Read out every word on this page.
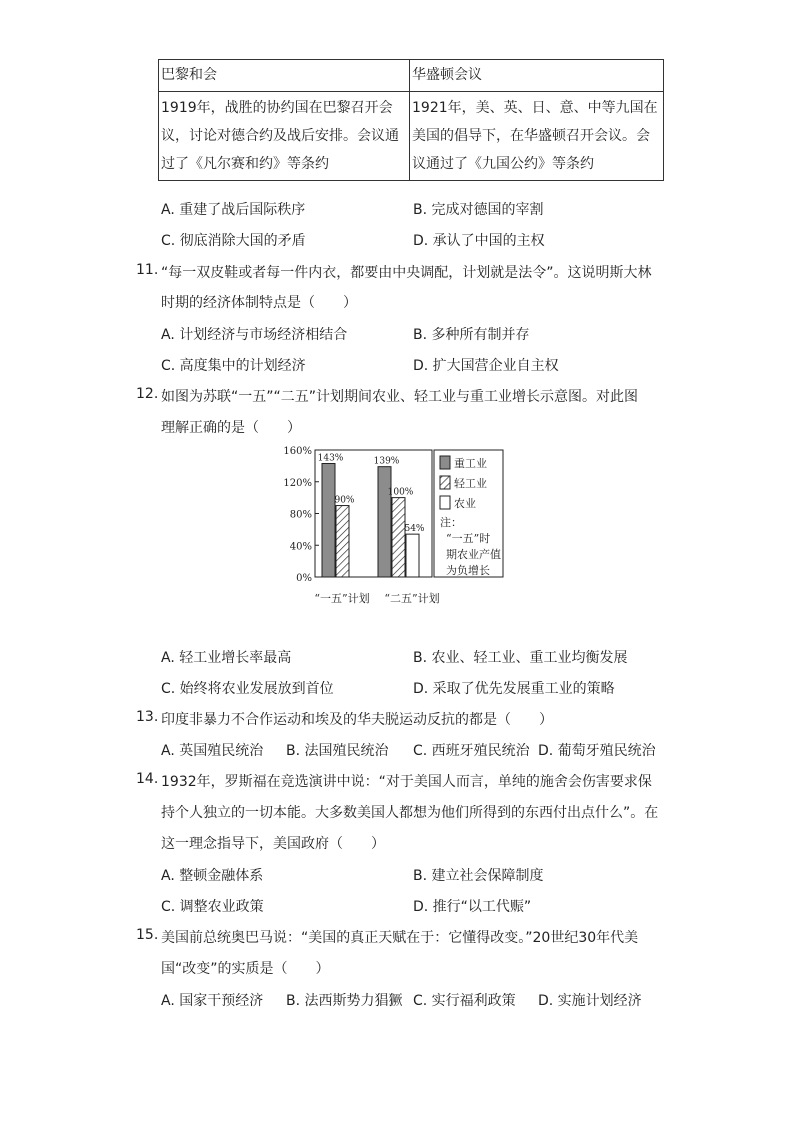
巴黎和会	华盛顿会议
1919年，战胜的协约国在巴黎召开会议，讨论对德合约及战后安排。会议通过了《凡尔赛和约》等条约	1921年，美、英、日、意、中等九国在美国的倡导下，在华盛顿召开会议。会议通过了《九国公约》等条约
A. 重建了战后国际秩序	B. 完成对德国的宰割
C. 彻底消除大国的矛盾	D. 承认了中国的主权
11. “每一双皮鞋或者每一件内衣，都要由中央调配，计划就是法令”。这说明斯大林
时期的经济体制特点是（　　）
A. 计划经济与市场经济相结合	B. 多种所有制并存
C. 高度集中的计划经济	D. 扩大国营企业自主权
12. 如图为苏联“一五”“二五”计划期间农业、轻工业与重工业增长示意图。对此图
理解正确的是（　　）
160%
120%
80%
40%
0%
143%	139%
90%
100%
54%
“一五”计划 “二五”计划
重工业
轻工业
农业
注：
“一五”时
期农业产值
为负增长
A. 轻工业增长率最高	B. 农业、轻工业、重工业均衡发展
C. 始终将农业发展放到首位	D. 采取了优先发展重工业的策略
13. 印度非暴力不合作运动和埃及的华夫脱运动反抗的都是（　　）
A. 英国殖民统治 B. 法国殖民统治 C. 西班牙殖民统治 D. 葡萄牙殖民统治
14. 1932年，罗斯福在竞选演讲中说：“对于美国人而言，单纯的施舍会伤害要求保
持个人独立的一切本能。大多数美国人都想为他们所得到的东西付出点什么”。在
这一理念指导下，美国政府（　　）
A. 整顿金融体系	B. 建立社会保障制度
C. 调整农业政策	D. 推行“以工代赈”
15. 美国前总统奥巴马说：“美国的真正天赋在于：它懂得改变。”20世纪30年代美
国“改变”的实质是（　　）
A. 国家干预经济 B. 法西斯势力猖獗 C. 实行福利政策 D. 实施计划经济
